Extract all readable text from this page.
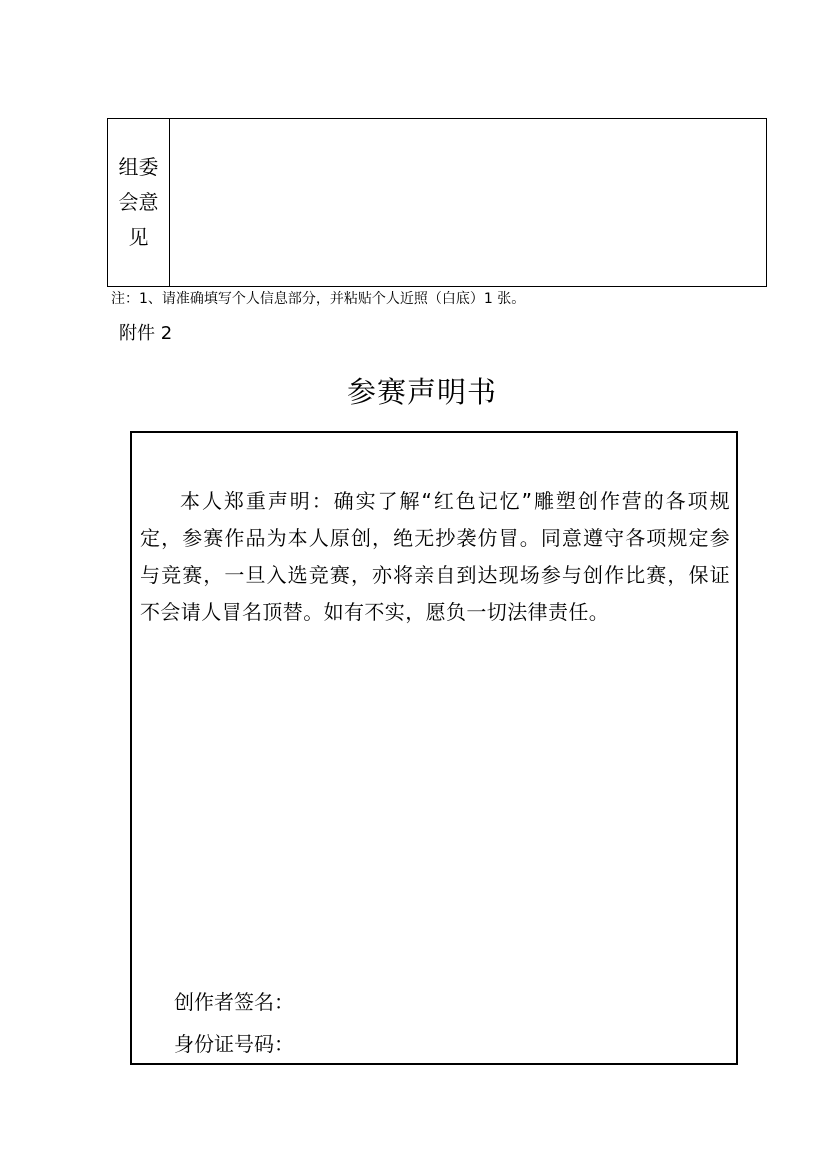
组委会意见
注：1、请准确填写个人信息部分，并粘贴个人近照（白底）1 张。
附件 2
参赛声明书

本人郑重声明：确实了解“红色记忆”雕塑创作营的各项规定，参赛作品为本人原创，绝无抄袭仿冒。同意遵守各项规定参与竞赛，一旦入选竞赛，亦将亲自到达现场参与创作比赛，保证不会请人冒名顶替。如有不实，愿负一切法律责任。

创作者签名：
身份证号码：
